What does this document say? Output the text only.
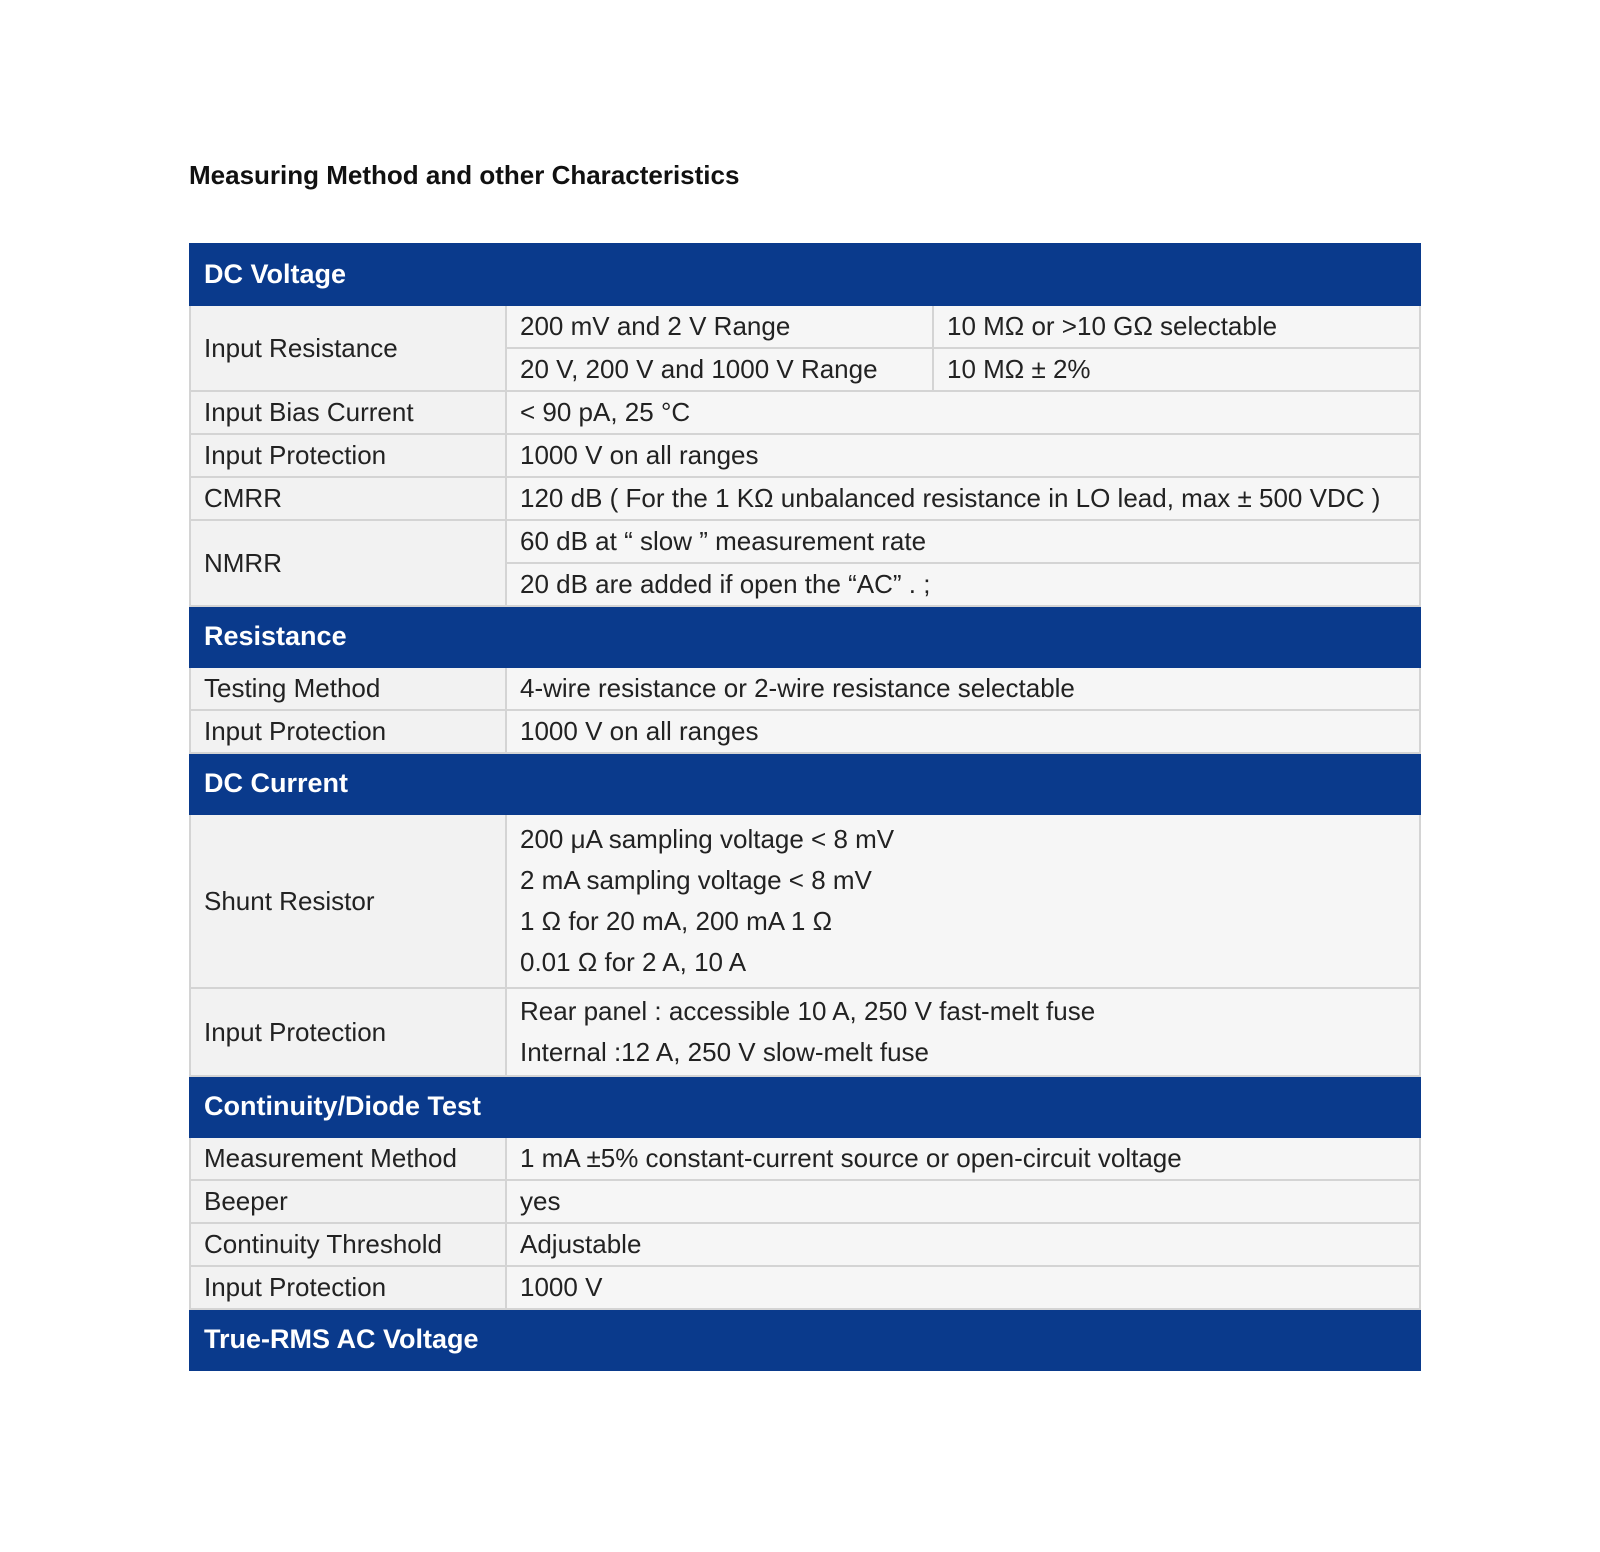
Measuring Method and other Characteristics
DC Voltage		
Input Resistance	200 mV and 2 V Range	10 MΩ or >10 GΩ selectable
	20 V, 200 V and 1000 V Range	10 MΩ ± 2%
Input Bias Current	< 90 pA, 25 °C	
Input Protection	1000 V on all ranges	
CMRR	120 dB ( For the 1 KΩ unbalanced resistance in LO lead, max ± 500 VDC )	
NMRR	60 dB at “ slow ” measurement rate	
	20 dB are added if open the “AC” . ;	
Resistance		
Testing Method	4-wire resistance or 2-wire resistance selectable	
Input Protection	1000 V on all ranges	
DC Current		
Shunt Resistor	200 μA sampling voltage < 8 mV
2 mA sampling voltage < 8 mV
1 Ω for 20 mA, 200 mA 1 Ω
0.01 Ω for 2 A, 10 A	

Input Protection	Rear panel : accessible 10 A, 250 V fast-melt fuse
Internal :12 A, 250 V slow-melt fuse	

Continuity/Diode Test		
Measurement Method	1 mA ±5% constant-current source or open-circuit voltage	
Beeper	yes	
Continuity Threshold	Adjustable	
Input Protection	1000 V	
True-RMS AC Voltage		
